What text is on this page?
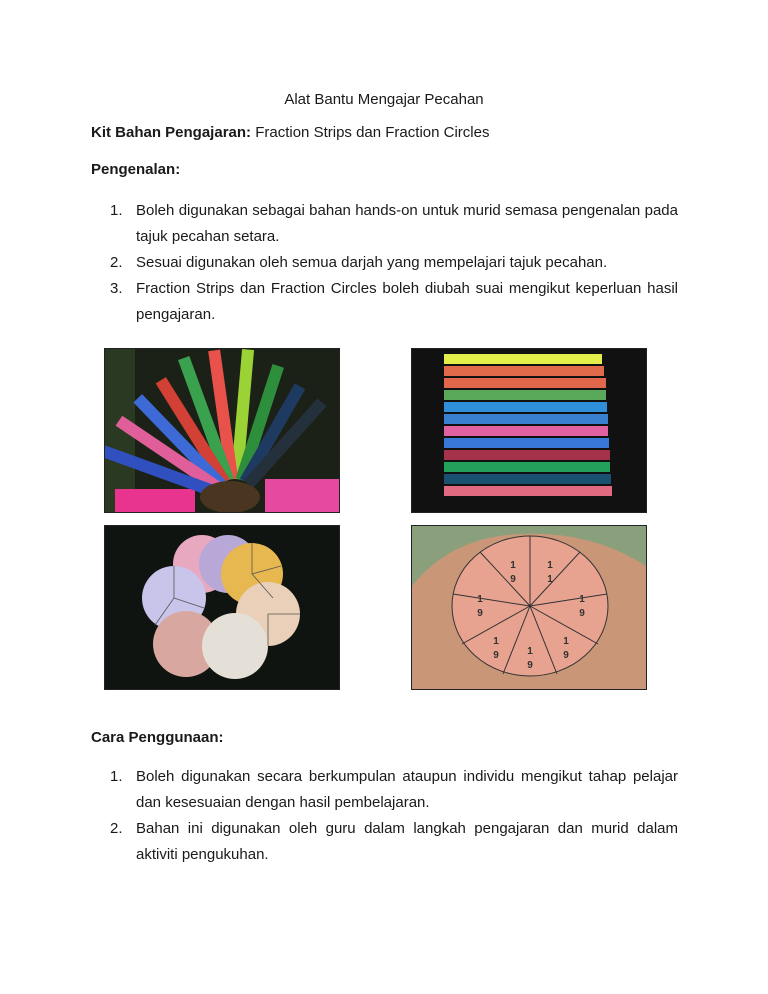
Alat Bantu Mengajar Pecahan
Kit Bahan Pengajaran: Fraction Strips dan Fraction Circles
Pengenalan:
1. Boleh digunakan sebagai bahan hands-on untuk murid semasa pengenalan pada tajuk pecahan setara.
2. Sesuai digunakan oleh semua darjah yang mempelajari tajuk pecahan.
3. Fraction Strips dan Fraction Circles boleh diubah suai mengikut keperluan hasil pengajaran.
1
9
1
1
1
9
1
9
1
9	1
9
1
9
Cara Penggunaan:
1. Boleh digunakan secara berkumpulan ataupun individu mengikut tahap pelajar dan kesesuaian dengan hasil pembelajaran.
2. Bahan ini digunakan oleh guru dalam langkah pengajaran dan murid dalam aktiviti pengukuhan.
